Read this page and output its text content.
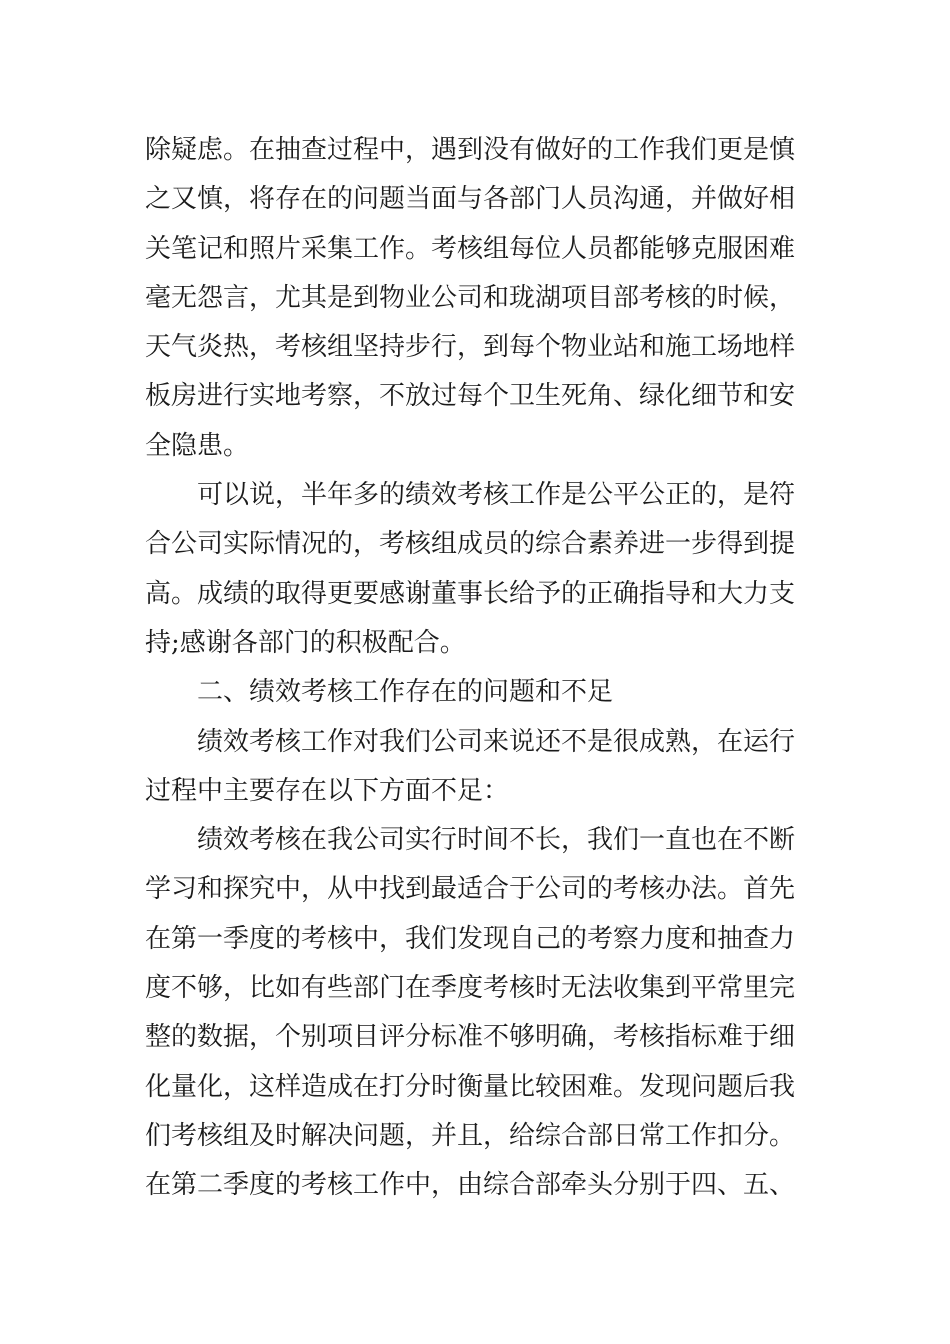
除疑虑。在抽查过程中，遇到没有做好的工作我们更是慎
之又慎，将存在的问题当面与各部门人员沟通，并做好相
关笔记和照片采集工作。考核组每位人员都能够克服困难
毫无怨言，尤其是到物业公司和珑湖项目部考核的时候，
天气炎热，考核组坚持步行，到每个物业站和施工场地样
板房进行实地考察，不放过每个卫生死角、绿化细节和安
全隐患。
可以说，半年多的绩效考核工作是公平公正的，是符
合公司实际情况的，考核组成员的综合素养进一步得到提
高。成绩的取得更要感谢董事长给予的正确指导和大力支
持;感谢各部门的积极配合。
二、绩效考核工作存在的问题和不足
绩效考核工作对我们公司来说还不是很成熟，在运行
过程中主要存在以下方面不足：
绩效考核在我公司实行时间不长，我们一直也在不断
学习和探究中，从中找到最适合于公司的考核办法。首先
在第一季度的考核中，我们发现自己的考察力度和抽查力
度不够，比如有些部门在季度考核时无法收集到平常里完
整的数据，个别项目评分标准不够明确，考核指标难于细
化量化，这样造成在打分时衡量比较困难。发现问题后我
们考核组及时解决问题，并且，给综合部日常工作扣分。
在第二季度的考核工作中，由综合部牵头分别于四、五、
